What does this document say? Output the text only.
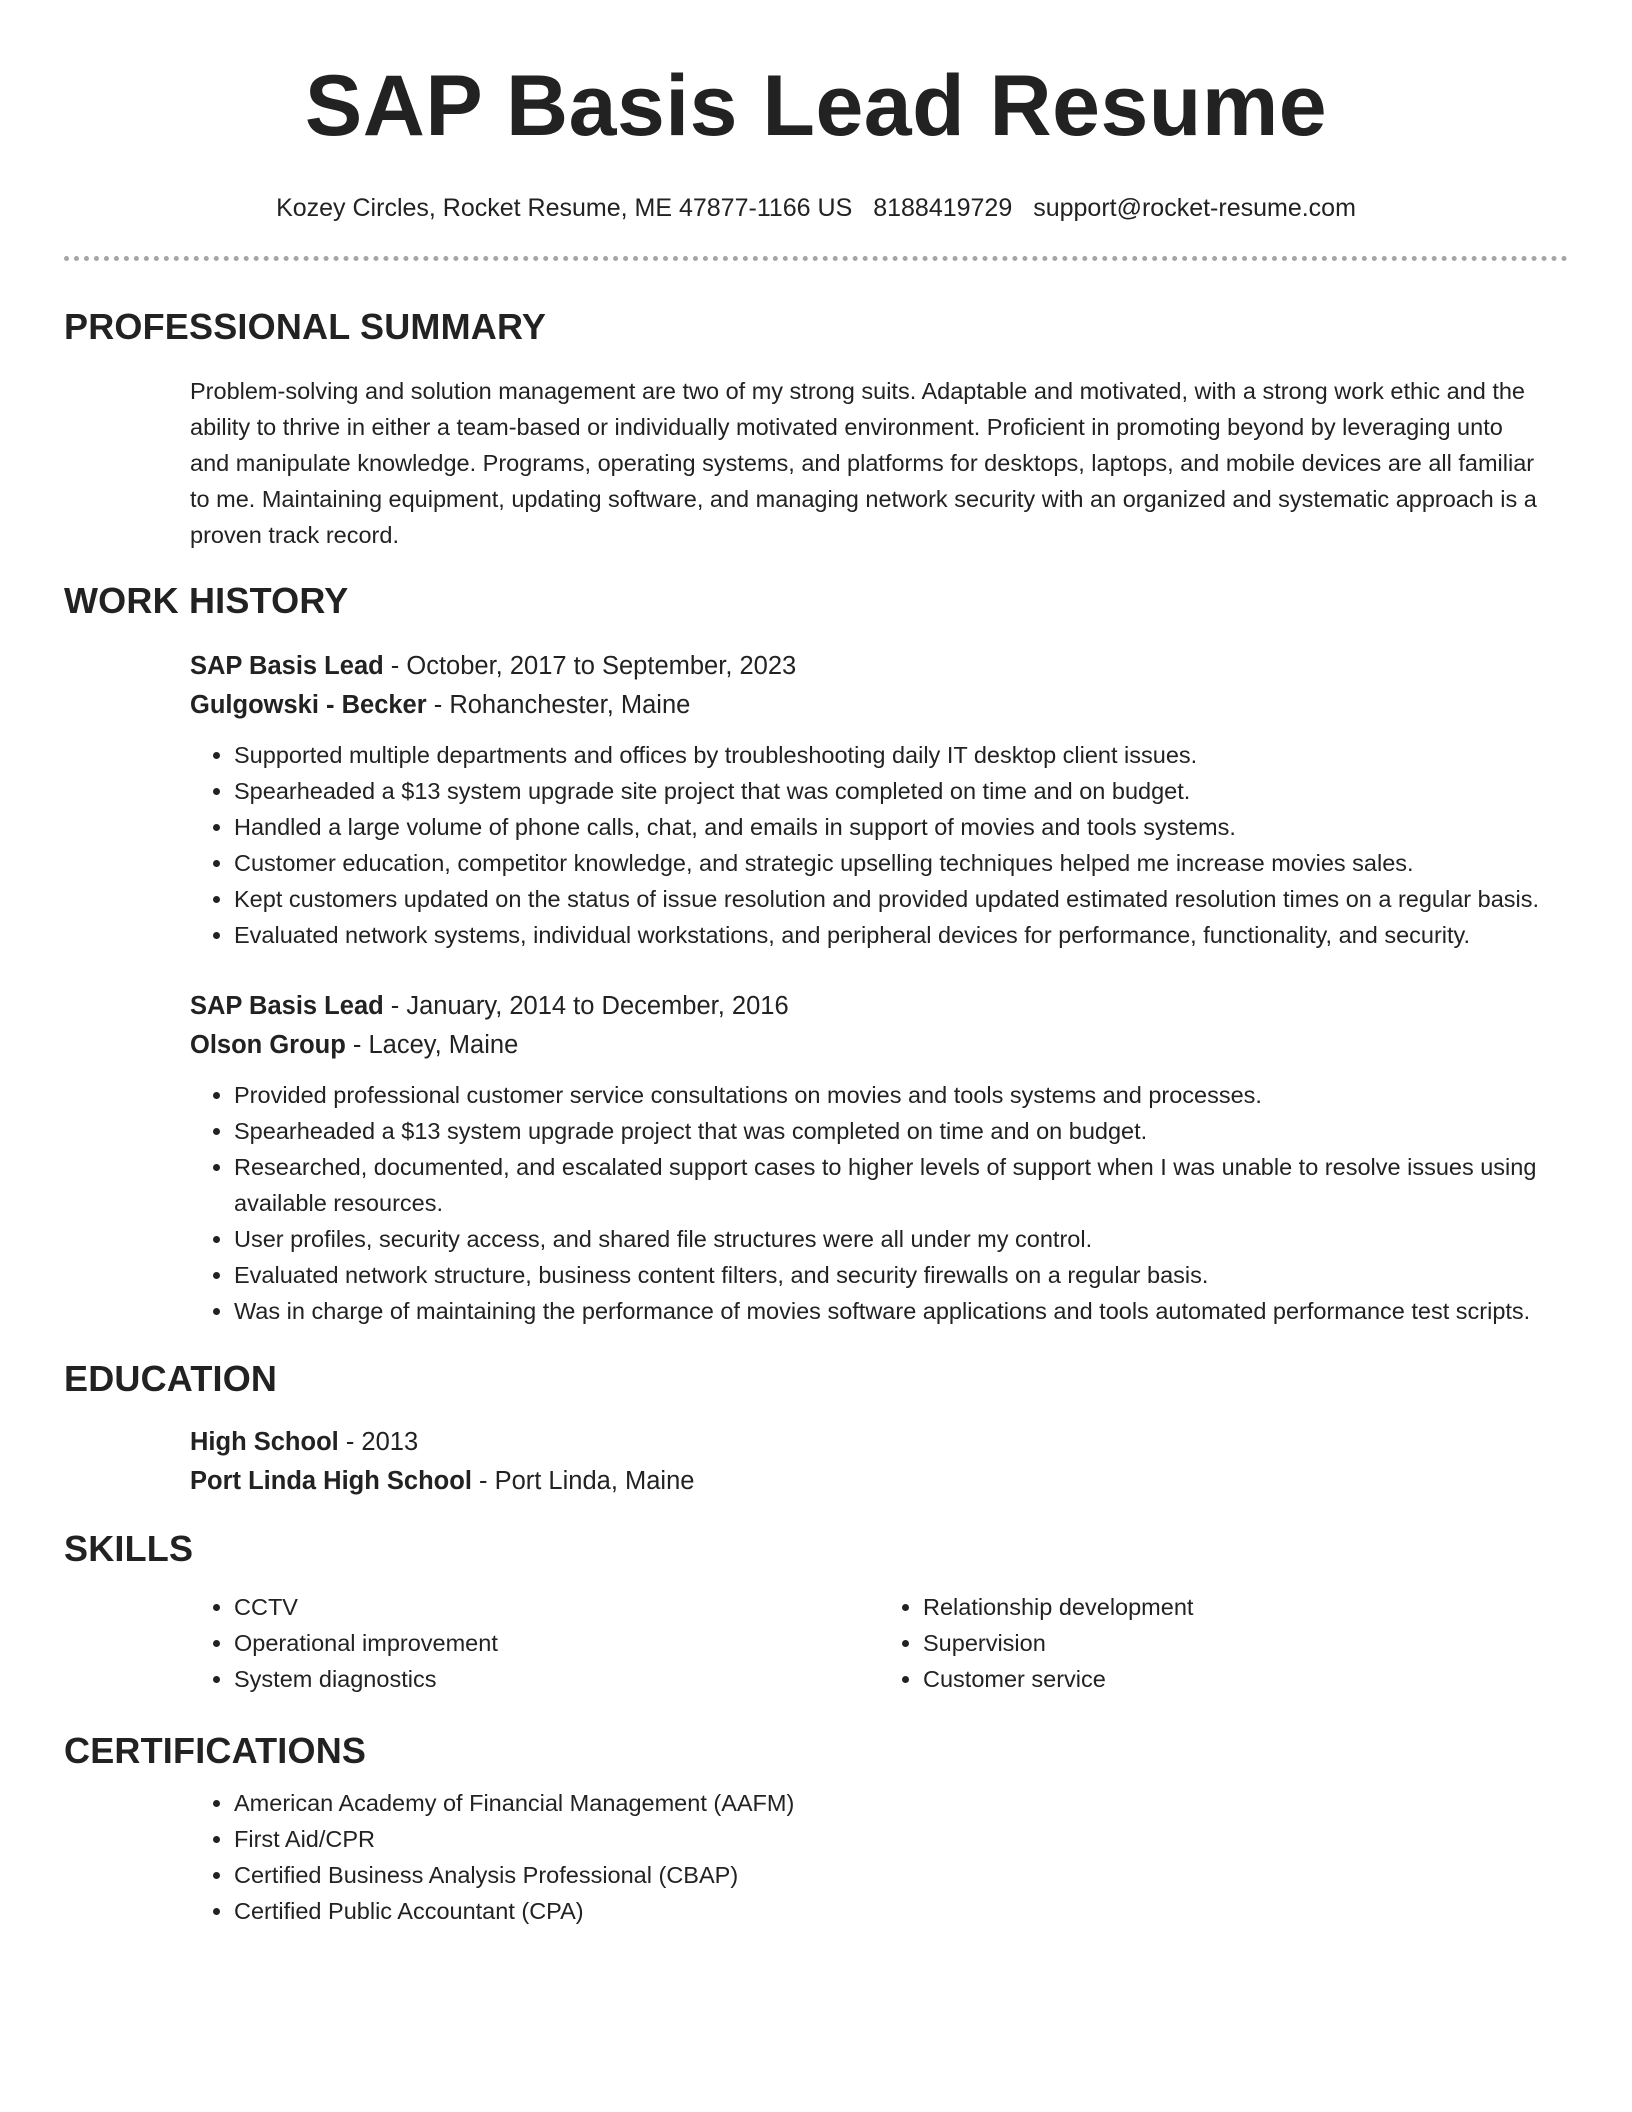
SAP Basis Lead Resume
Kozey Circles, Rocket Resume, ME 47877-1166 US 8188419729 support@rocket-resume.com
PROFESSIONAL SUMMARY
Problem-solving and solution management are two of my strong suits. Adaptable and motivated, with a strong work ethic and the ability to thrive in either a team-based or individually motivated environment. Proficient in promoting beyond by leveraging unto and manipulate knowledge. Programs, operating systems, and platforms for desktops, laptops, and mobile devices are all familiar to me. Maintaining equipment, updating software, and managing network security with an organized and systematic approach is a proven track record.
WORK HISTORY
SAP Basis Lead - October, 2017 to September, 2023
Gulgowski - Becker - Rohanchester, Maine
• Supported multiple departments and offices by troubleshooting daily IT desktop client issues.
• Spearheaded a $13 system upgrade site project that was completed on time and on budget.
• Handled a large volume of phone calls, chat, and emails in support of movies and tools systems.
• Customer education, competitor knowledge, and strategic upselling techniques helped me increase movies sales.
• Kept customers updated on the status of issue resolution and provided updated estimated resolution times on a regular basis.
• Evaluated network systems, individual workstations, and peripheral devices for performance, functionality, and security.
SAP Basis Lead - January, 2014 to December, 2016
Olson Group - Lacey, Maine
• Provided professional customer service consultations on movies and tools systems and processes.
• Spearheaded a $13 system upgrade project that was completed on time and on budget.
• Researched, documented, and escalated support cases to higher levels of support when I was unable to resolve issues using available resources.
• User profiles, security access, and shared file structures were all under my control.
• Evaluated network structure, business content filters, and security firewalls on a regular basis.
• Was in charge of maintaining the performance of movies software applications and tools automated performance test scripts.
EDUCATION
High School - 2013
Port Linda High School - Port Linda, Maine
SKILLS
• CCTV
• Operational improvement
• System diagnostics
• Relationship development
• Supervision
• Customer service
CERTIFICATIONS
• American Academy of Financial Management (AAFM)
• First Aid/CPR
• Certified Business Analysis Professional (CBAP)
• Certified Public Accountant (CPA)
